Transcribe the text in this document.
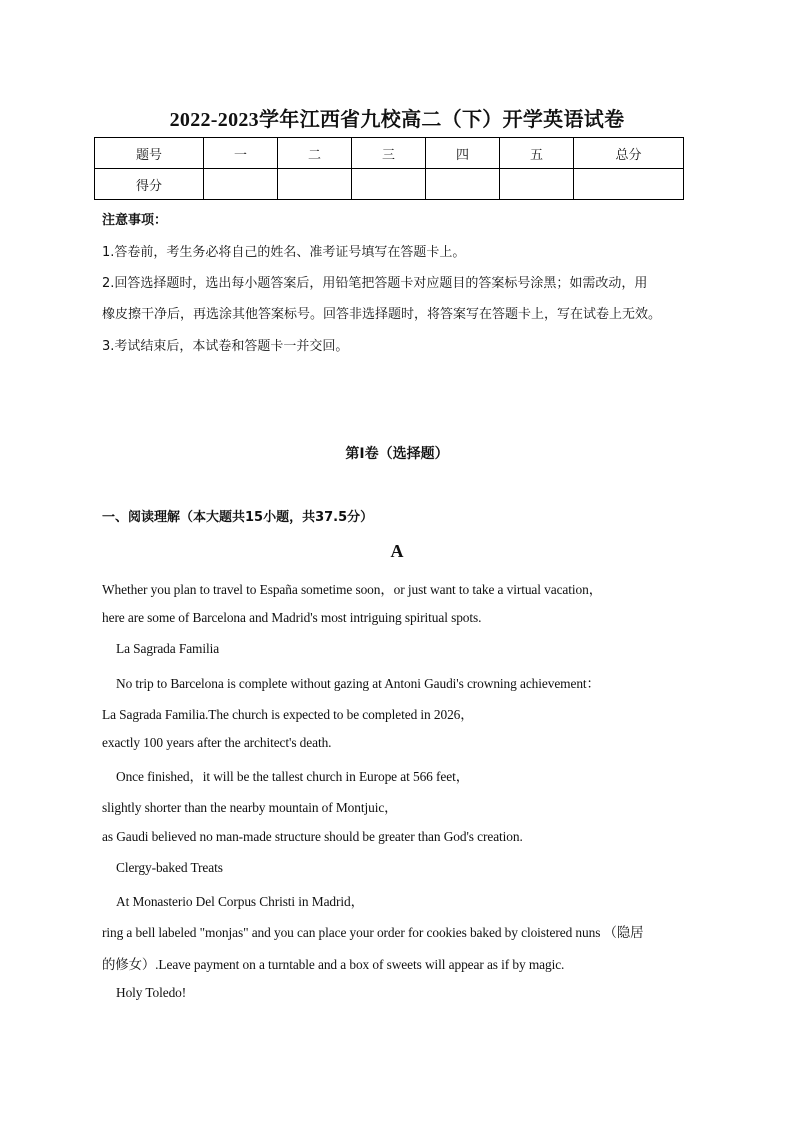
2022-2023学年江西省九校高二（下）开学英语试卷
题号	一	二	三	四	五	总分
得分						
注意事项：
1.答卷前，考生务必将自己的姓名、准考证号填写在答题卡上。
2.回答选择题时，选出每小题答案后，用铅笔把答题卡对应题目的答案标号涂黑；如需改动，用
橡皮擦干净后，再选涂其他答案标号。回答非选择题时，将答案写在答题卡上，写在试卷上无效。
3.考试结束后，本试卷和答题卡一并交回。
第Ⅰ卷（选择题）
一、阅读理解（本大题共15小题，共37.5分）
A
Whether you plan to travel to España sometime soon，or just want to take a virtual vacation，
here are some of Barcelona and Madrid's most intriguing spiritual spots.
La Sagrada Familia
No trip to Barcelona is complete without gazing at Antoni Gaudi's crowning achievement：
La Sagrada Familia.The church is expected to be completed in 2026，
exactly 100 years after the architect's death.
Once finished，it will be the tallest church in Europe at 566 feet，
slightly shorter than the nearby mountain of Montjuic，
as Gaudi believed no man-made structure should be greater than God's creation.
Clergy-baked Treats
At Monasterio Del Corpus Christi in Madrid，
ring a bell labeled "monjas" and you can place your order for cookies baked by cloistered nuns （隐居
的修女）.Leave payment on a turntable and a box of sweets will appear as if by magic.
Holy Toledo!
